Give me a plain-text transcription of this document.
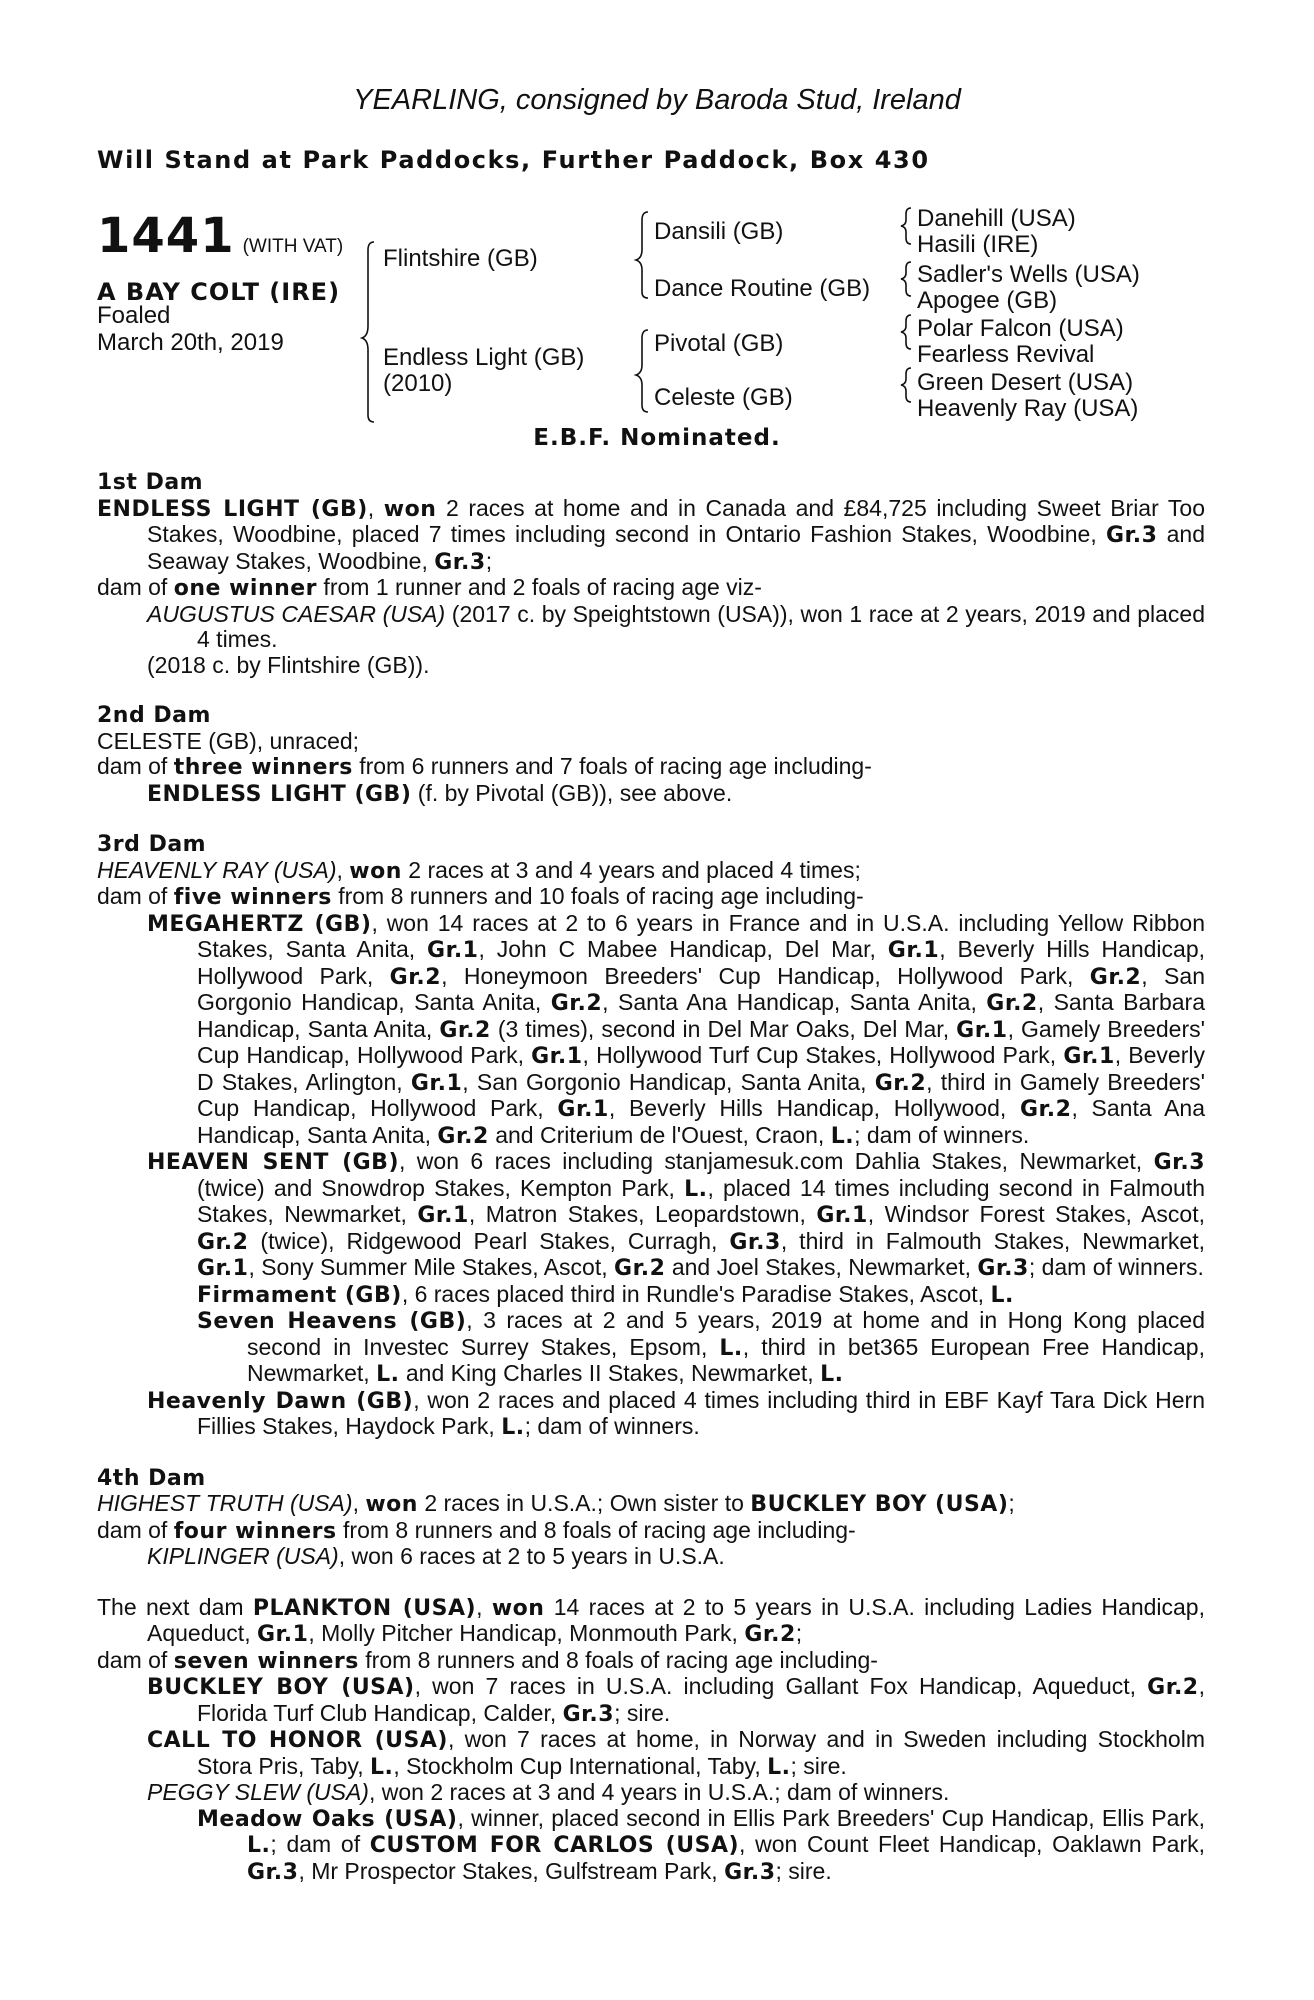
YEARLING, consigned by Baroda Stud, Ireland
Will Stand at Park Paddocks, Further Paddock, Box 430
1441 (WITH VAT)
A BAY COLT (IRE)
Foaled
March 20th, 2019
Flintshire (GB)
Endless Light (GB)
(2010)
Dansili (GB)
Dance Routine (GB)
Pivotal (GB)
Celeste (GB)
Danehill (USA)
Hasili (IRE)
Sadler's Wells (USA)
Apogee (GB)
Polar Falcon (USA)
Fearless Revival
Green Desert (USA)
Heavenly Ray (USA)
E.B.F. Nominated.
1st Dam

ENDLESS LIGHT (GB), won 2 races at home and in Canada and £84,725 including Sweet Briar Too Stakes, Woodbine, placed 7 times including second in Ontario Fashion Stakes, Woodbine, Gr.3 and Seaway Stakes, Woodbine, Gr.3;

dam of one winner from 1 runner and 2 foals of racing age viz-

AUGUSTUS CAESAR (USA) (2017 c. by Speightstown (USA)), won 1 race at 2 years, 2019 and placed 4 times.

(2018 c. by Flintshire (GB)).

2nd Dam

CELESTE (GB), unraced;

dam of three winners from 6 runners and 7 foals of racing age including-

ENDLESS LIGHT (GB) (f. by Pivotal (GB)), see above.

3rd Dam

HEAVENLY RAY (USA), won 2 races at 3 and 4 years and placed 4 times;

dam of five winners from 8 runners and 10 foals of racing age including-

MEGAHERTZ (GB), won 14 races at 2 to 6 years in France and in U.S.A. including Yellow Ribbon Stakes, Santa Anita, Gr.1, John C Mabee Handicap, Del Mar, Gr.1, Beverly Hills Handicap, Hollywood Park, Gr.2, Honeymoon Breeders' Cup Handicap, Hollywood Park, Gr.2, San Gorgonio Handicap, Santa Anita, Gr.2, Santa Ana Handicap, Santa Anita, Gr.2, Santa Barbara Handicap, Santa Anita, Gr.2 (3 times), second in Del Mar Oaks, Del Mar, Gr.1, Gamely Breeders' Cup Handicap, Hollywood Park, Gr.1, Hollywood Turf Cup Stakes, Hollywood Park, Gr.1, Beverly D Stakes, Arlington, Gr.1, San Gorgonio Handicap, Santa Anita, Gr.2, third in Gamely Breeders' Cup Handicap, Hollywood Park, Gr.1, Beverly Hills Handicap, Hollywood, Gr.2, Santa Ana Handicap, Santa Anita, Gr.2 and Criterium de l'Ouest, Craon, L.; dam of winners.

HEAVEN SENT (GB), won 6 races including stanjamesuk.com Dahlia Stakes, Newmarket, Gr.3 (twice) and Snowdrop Stakes, Kempton Park, L., placed 14 times including second in Falmouth Stakes, Newmarket, Gr.1, Matron Stakes, Leopardstown, Gr.1, Windsor Forest Stakes, Ascot, Gr.2 (twice), Ridgewood Pearl Stakes, Curragh, Gr.3, third in Falmouth Stakes, Newmarket, Gr.1, Sony Summer Mile Stakes, Ascot, Gr.2 and Joel Stakes, Newmarket, Gr.3; dam of winners.

Firmament (GB), 6 races placed third in Rundle's Paradise Stakes, Ascot, L.

Seven Heavens (GB), 3 races at 2 and 5 years, 2019 at home and in Hong Kong placed second in Investec Surrey Stakes, Epsom, L., third in bet365 European Free Handicap, Newmarket, L. and King Charles II Stakes, Newmarket, L.

Heavenly Dawn (GB), won 2 races and placed 4 times including third in EBF Kayf Tara Dick Hern Fillies Stakes, Haydock Park, L.; dam of winners.

4th Dam

HIGHEST TRUTH (USA), won 2 races in U.S.A.; Own sister to BUCKLEY BOY (USA);

dam of four winners from 8 runners and 8 foals of racing age including-

KIPLINGER (USA), won 6 races at 2 to 5 years in U.S.A.

The next dam PLANKTON (USA), won 14 races at 2 to 5 years in U.S.A. including Ladies Handicap, Aqueduct, Gr.1, Molly Pitcher Handicap, Monmouth Park, Gr.2;

dam of seven winners from 8 runners and 8 foals of racing age including-

BUCKLEY BOY (USA), won 7 races in U.S.A. including Gallant Fox Handicap, Aqueduct, Gr.2, Florida Turf Club Handicap, Calder, Gr.3; sire.

CALL TO HONOR (USA), won 7 races at home, in Norway and in Sweden including Stockholm Stora Pris, Taby, L., Stockholm Cup International, Taby, L.; sire.

PEGGY SLEW (USA), won 2 races at 3 and 4 years in U.S.A.; dam of winners.

Meadow Oaks (USA), winner, placed second in Ellis Park Breeders' Cup Handicap, Ellis Park, L.; dam of CUSTOM FOR CARLOS (USA), won Count Fleet Handicap, Oaklawn Park, Gr.3, Mr Prospector Stakes, Gulfstream Park, Gr.3; sire.
